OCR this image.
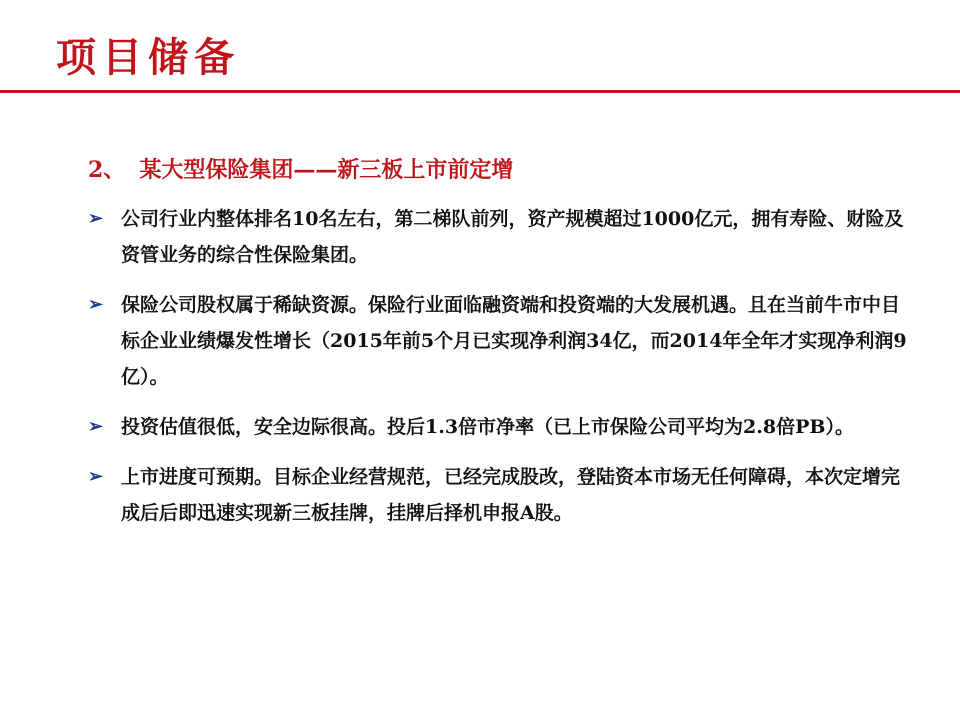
项目储备
2、 某大型保险集团——新三板上市前定增
➢ 公司行业内整体排名10名左右，第二梯队前列，资产规模超过1000亿元，拥有寿险、财险及资管业务的综合性保险集团。
➢ 保险公司股权属于稀缺资源。保险行业面临融资端和投资端的大发展机遇。且在当前牛市中目标企业业绩爆发性增长（2015年前5个月已实现净利润34亿，而2014年全年才实现净利润9亿）。
➢ 投资估值很低，安全边际很高。投后1.3倍市净率（已上市保险公司平均为2.8倍PB）。
➢ 上市进度可预期。目标企业经营规范，已经完成股改，登陆资本市场无任何障碍，本次定增完成后后即迅速实现新三板挂牌，挂牌后择机申报A股。
